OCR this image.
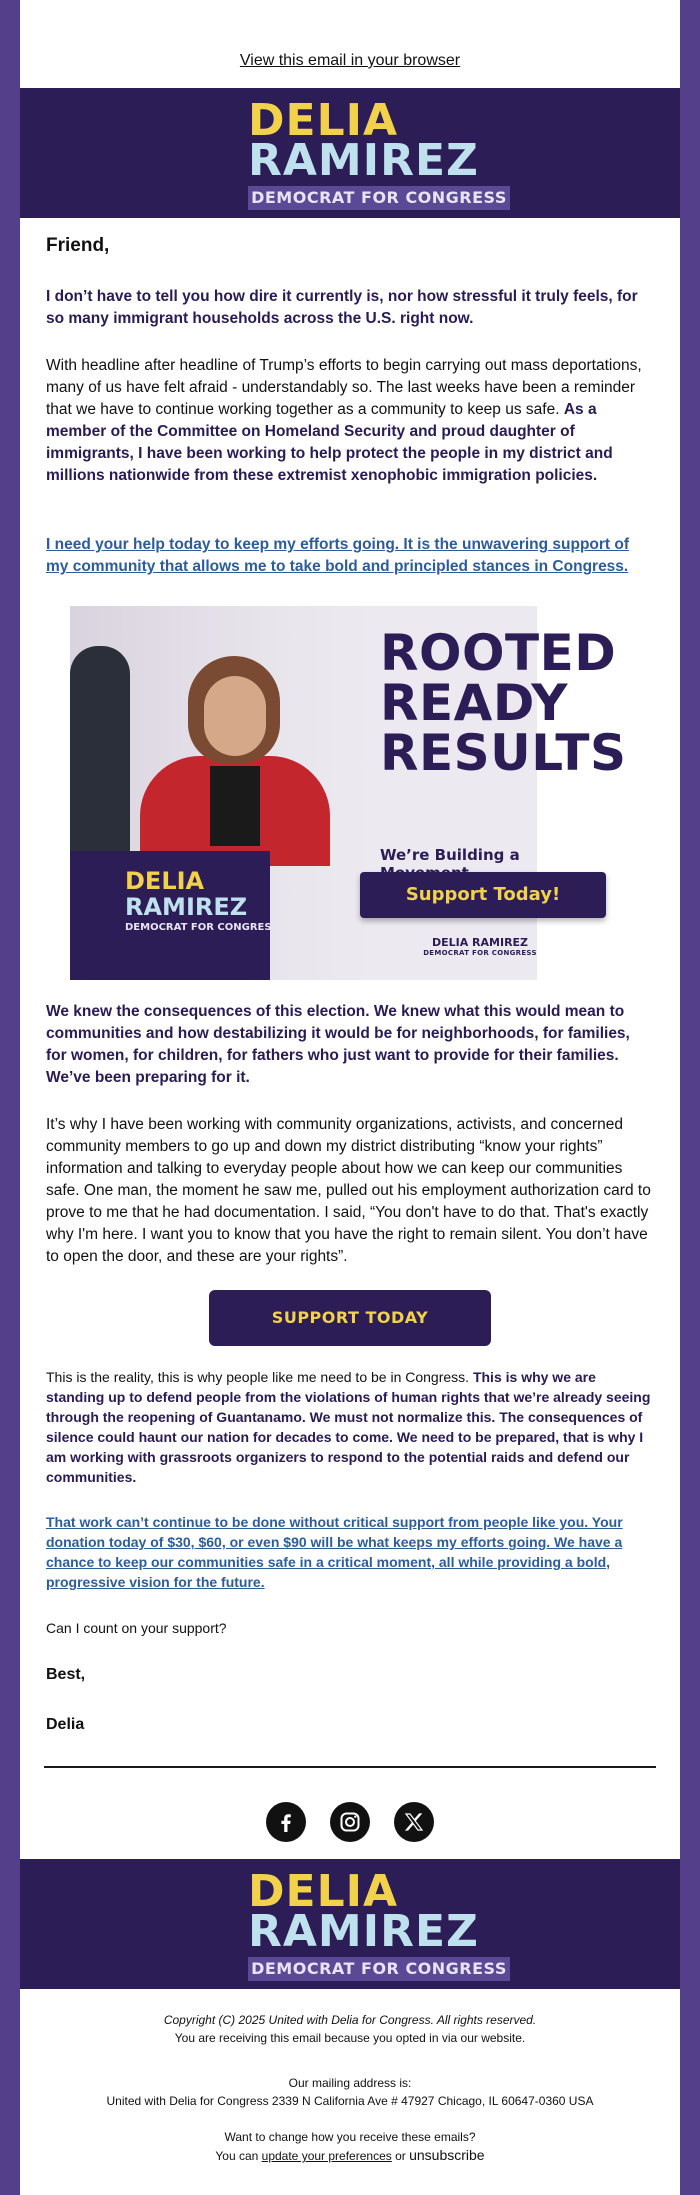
View this email in your browser
DELIA
RAMIREZ
DEMOCRAT FOR CONGRESS
Friend,
I don’t have to tell you how dire it currently is, nor how stressful it truly feels, for so many immigrant households across the U.S. right now.
With headline after headline of Trump’s efforts to begin carrying out mass deportations, many of us have felt afraid - understandably so. The last weeks have been a reminder that we have to continue working together as a community to keep us safe. As a member of the Committee on Homeland Security and proud daughter of immigrants, I have been working to help protect the people in my district and millions nationwide from these extremist xenophobic immigration policies.
I need your help today to keep my efforts going. It is the unwavering support of my community that allows me to take bold and principled stances in Congress.
DELIA
RAMIREZ
DEMOCRAT FOR CONGRESS
ROOTED
READY
RESULTS
We’re Building a
Support Today!
DELIA RAMIREZ
DEMOCRAT FOR CONGRESS
We knew the consequences of this election. We knew what this would mean to communities and how destabilizing it would be for neighborhoods, for families, for women, for children, for fathers who just want to provide for their families. We’ve been preparing for it.
It’s why I have been working with community organizations, activists, and concerned community members to go up and down my district distributing “know your rights” information and talking to everyday people about how we can keep our communities safe. One man, the moment he saw me, pulled out his employment authorization card to prove to me that he had documentation. I said, “You don't have to do that. That's exactly why I'm here. I want you to know that you have the right to remain silent. You don’t have to open the door, and these are your rights”.
SUPPORT TODAY
This is the reality, this is why people like me need to be in Congress. This is why we are standing up to defend people from the violations of human rights that we’re already seeing through the reopening of Guantanamo. We must not normalize this. The consequences of silence could haunt our nation for decades to come. We need to be prepared, that is why I am working with grassroots organizers to respond to the potential raids and defend our communities.
That work can’t continue to be done without critical support from people like you. Your donation today of $30, $60, or even $90 will be what keeps my efforts going. We have a chance to keep our communities safe in a critical moment, all while providing a bold, progressive vision for the future.
Can I count on your support?
Best,
Delia
DELIA
RAMIREZ
DEMOCRAT FOR CONGRESS
Copyright (C) 2025 United with Delia for Congress. All rights reserved.
You are receiving this email because you opted in via our website.
Our mailing address is:
United with Delia for Congress 2339 N California Ave # 47927 Chicago, IL 60647-0360 USA
Want to change how you receive these emails?
You can update your preferences or unsubscribe
